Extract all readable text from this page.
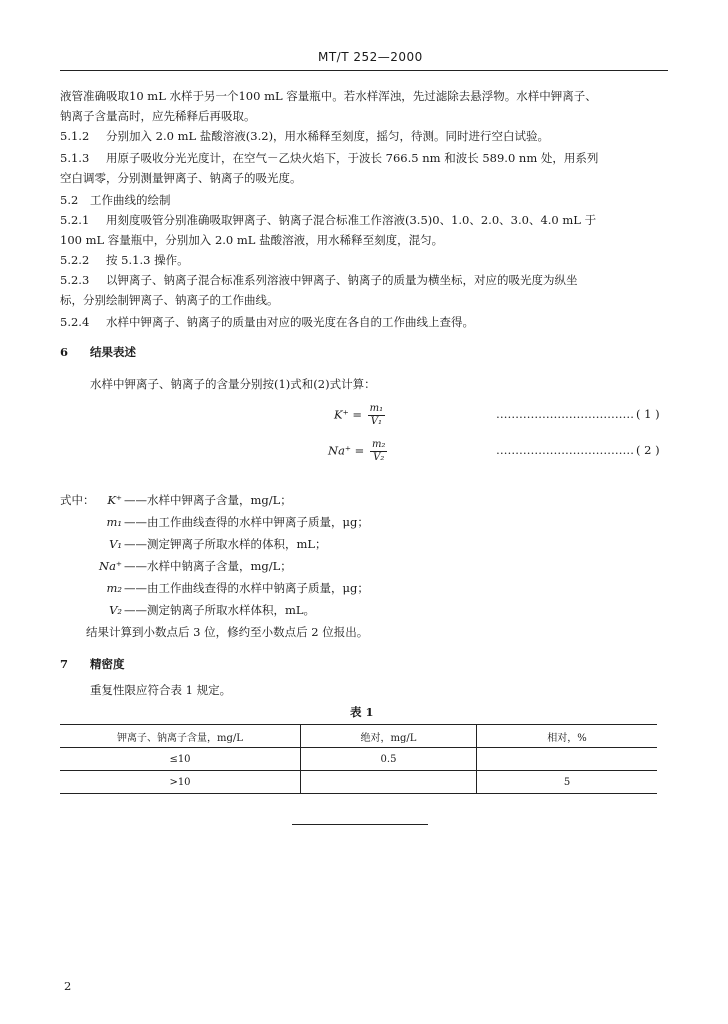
MT/T 252—2000
液管准确吸取10 mL 水样于另一个100 mL 容量瓶中。若水样浑浊，先过滤除去悬浮物。水样中钾离子、
钠离子含量高时，应先稀释后再吸取。
5.1.2 分别加入 2.0 mL 盐酸溶液(3.2)，用水稀释至刻度，摇匀，待测。同时进行空白试验。
5.1.3 用原子吸收分光光度计，在空气－乙炔火焰下，于波长 766.5 nm 和波长 589.0 nm 处，用系列
空白调零，分别测量钾离子、钠离子的吸光度。
5.2 工作曲线的绘制
5.2.1 用刻度吸管分别准确吸取钾离子、钠离子混合标准工作溶液(3.5)0、1.0、2.0、3.0、4.0 mL 于
100 mL 容量瓶中，分别加入 2.0 mL 盐酸溶液，用水稀释至刻度，混匀。
5.2.2 按 5.1.3 操作。
5.2.3 以钾离子、钠离子混合标准系列溶液中钾离子、钠离子的质量为横坐标，对应的吸光度为纵坐
标，分别绘制钾离子、钠离子的工作曲线。
5.2.4 水样中钾离子、钠离子的质量由对应的吸光度在各自的工作曲线上查得。
6 结果表述
水样中钾离子、钠离子的含量分别按(1)式和(2)式计算：
$K^+ = \frac{\text{m₁}}{\text{V₁}}$	……………………………… ( 1 )
$Na^+ = \frac{\text{m₂}}{\text{V₂}}$	……………………………… ( 2 )
式中：	K⁺ ——水样中钾离子含量，mg/L；
m₁ ——由工作曲线查得的水样中钾离子质量，μg；
V₁ ——测定钾离子所取水样的体积，mL；
Na⁺ ——水样中钠离子含量，mg/L；
m₂ ——由工作曲线查得的水样中钠离子质量，μg；
V₂ ——测定钠离子所取水样体积，mL。
结果计算到小数点后 3 位，修约至小数点后 2 位报出。
7 精密度
重复性限应符合表 1 规定。
表 1
钾离子、钠离子含量，mg/L	绝对，mg/L	相对，%
≤10	0.5	
>10		5
2
